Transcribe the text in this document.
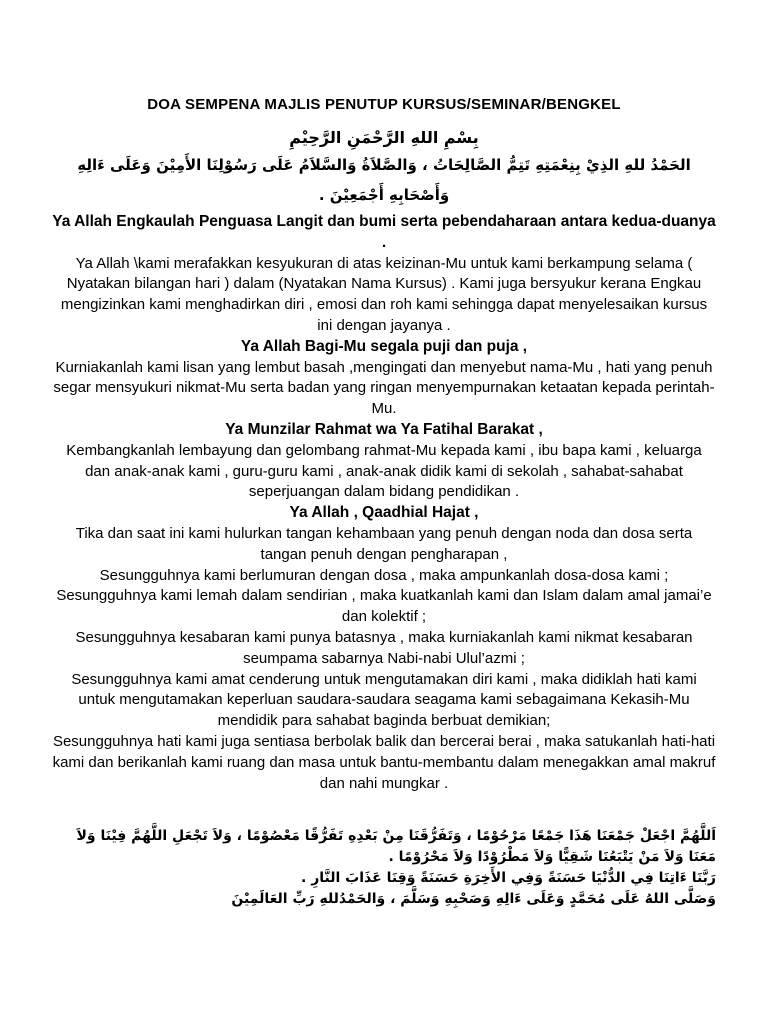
DOA SEMPENA MAJLIS PENUTUP KURSUS/SEMINAR/BENGKEL
بِسْمِ اللهِ الرَّحْمَنِ الرَّحِيْمِ
الحَمْدُ للهِ الذِيْ بِنِعْمَتِهِ تَتِمُّ الصَّالِحَاتُ ، وَالصَّلاَةُ وَالسَّلاَمُ عَلَى رَسُوْلِنَا الأَمِيْنَ وَعَلَى ءَالِهِ وَأَصْحَابِهِ أَجْمَعِيْنَ .

Ya Allah Engkaulah Penguasa Langit dan bumi serta pebendaharaan antara kedua-duanya .

Ya Allah \kami merafakkan kesyukuran di atas keizinan-Mu untuk kami berkampung selama ( Nyatakan bilangan hari ) dalam (Nyatakan Nama Kursus) . Kami juga bersyukur kerana Engkau mengizinkan kami menghadirkan diri , emosi dan roh kami sehingga dapat menyelesaikan kursus ini dengan jayanya .

Ya Allah Bagi-Mu segala puji dan puja ,

Kurniakanlah kami lisan yang lembut basah ,mengingati dan menyebut nama-Mu , hati yang penuh segar mensyukuri nikmat-Mu serta badan yang ringan menyempurnakan ketaatan kepada perintah-Mu.

Ya Munzilar Rahmat wa Ya Fatihal Barakat ,

Kembangkanlah lembayung dan gelombang rahmat-Mu kepada kami , ibu bapa kami , keluarga dan anak-anak kami , guru-guru kami , anak-anak didik kami di sekolah , sahabat-sahabat seperjuangan dalam bidang pendidikan .

Ya Allah , Qaadhial Hajat ,

Tika dan saat ini kami hulurkan tangan kehambaan yang penuh dengan noda dan dosa serta tangan penuh dengan pengharapan ,

Sesungguhnya kami berlumuran dengan dosa , maka ampunkanlah dosa-dosa kami ;

Sesungguhnya kami lemah dalam sendirian , maka kuatkanlah kami dan Islam dalam amal jamai’e dan kolektif ;

Sesungguhnya kesabaran kami punya batasnya , maka kurniakanlah kami nikmat kesabaran seumpama sabarnya Nabi-nabi Ulul’azmi ;

Sesungguhnya kami amat cenderung untuk mengutamakan diri kami , maka didiklah hati kami untuk mengutamakan keperluan saudara-saudara seagama kami sebagaimana Kekasih-Mu mendidik para sahabat baginda berbuat demikian;

Sesungguhnya hati kami juga sentiasa berbolak balik dan bercerai berai , maka satukanlah hati-hati kami dan berikanlah kami ruang dan masa untuk bantu-membantu dalam menegakkan amal makruf dan nahi mungkar .

اَللَّهُمَّ اجْعَلْ جَمْعَنَا هَذَا جَمْعًا مَرْحُوْمًا ، وَتَفَرُّقَنَا مِنْ بَعْدِهِ تَفَرُّقًا مَعْصُوْمًا ، وَلاَ تَجْعَلِ اللَّهُمَّ فِيْنَا وَلاَ مَعَنَا وَلاَ مَنْ يَتْبَعُنَا شَقِيًّا وَلاَ مَطْرُوْدًا وَلاَ مَحْرُوْمًا .

رَبَّنَا ءَاتِنَا فِي الدُّنْيَا حَسَنَةً وَفِي الأَخِرَةِ حَسَنَةً وَقِنَا عَذَابَ النَّارِ .

وَصَلَّى اللهُ عَلَى مُحَمَّدٍ وَعَلَى ءَالِهِ وَصَحْبِهِ وَسَلَّمَ ، وَالحَمْدُللهِ رَبِّ العَالَمِيْنَ
